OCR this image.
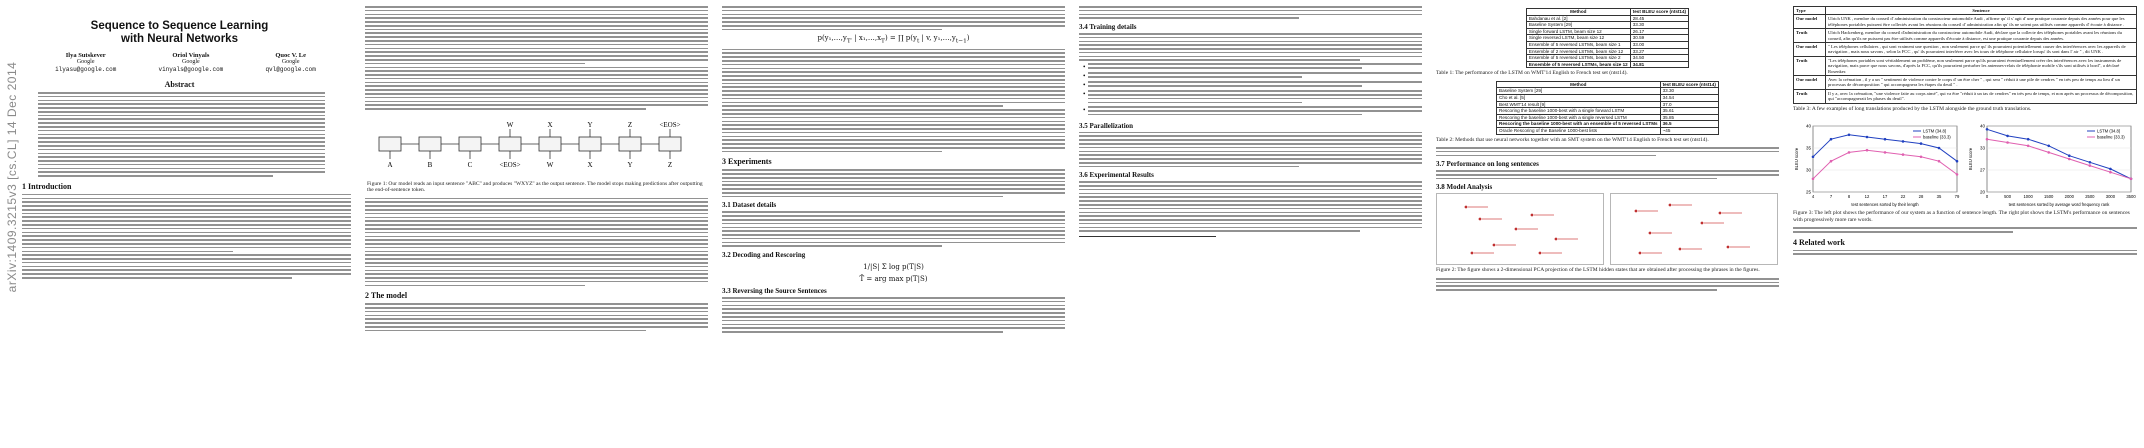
arXiv:1409.3215v3 [cs.CL] 14 Dec 2014
Sequence to Sequence Learning
with Neural Networks
Ilya Sutskever
Google
ilyasu@google.com
Oriol Vinyals
Google
vinyals@google.com
Quoc V. Le
Google
qvl@google.com
Abstract
1 Introduction
A	B	C	<EOS>	W	X	Y	Z
W	X	Y	Z	<EOS>
Figure 1: Our model reads an input sentence "ABC" and produces "WXYZ" as the output sentence. The model stops making predictions after outputting the end-of-sentence token.
2 The model
$p(y_1,\dots,y_{T'}$ | $x_1,\dots,x_T$) = ∏ $p(y_t$ | v, $y_1,\dots,y_{t-1}$)
3 Experiments
3.1 Dataset details
3.2 Decoding and Rescoring
1/|S| Σ log p(T|S)
T̂ = arg max p(T|S)
3.3 Reversing the Source Sentences
3.4 Training details
•
•
•
•
•
3.5 Parallelization
3.6 Experimental Results
Method	test BLEU score (ntst14)
Bahdanau et al. [2]	28.45
Baseline System [29]	33.30
Single forward LSTM, beam size 12	26.17
Single reversed LSTM, beam size 12	30.59
Ensemble of 5 reversed LSTMs, beam size 1	33.00
Ensemble of 2 reversed LSTMs, beam size 12	33.27
Ensemble of 5 reversed LSTMs, beam size 2	34.50
Ensemble of 5 reversed LSTMs, beam size 12	34.81
Table 1: The performance of the LSTM on WMT'14 English to French test set (ntst14).
Method	test BLEU score (ntst14)
Baseline System [29]	33.30
Cho et al. [5]	34.54
Best WMT'14 result [9]	37.0
Rescoring the baseline 1000-best with a single forward LSTM	35.61
Rescoring the baseline 1000-best with a single reversed LSTM	35.85
Rescoring the baseline 1000-best with an ensemble of 5 reversed LSTMs	36.5
Oracle Rescoring of the Baseline 1000-best lists	~45
Table 2: Methods that use neural networks together with an SMT system on the WMT'14 English to French test set (ntst14).
3.7 Performance on long sentences
3.8 Model Analysis
Figure 2: The figure shows a 2-dimensional PCA projection of the LSTM hidden states that are obtained after processing the phrases in the figures.
Type	Sentence
Our model	Ulrich UNK , membre du conseil d' administration du constructeur automobile Audi , affirme qu' il s' agit d' une pratique courante depuis des années pour que les téléphones portables puissent être collectés avant les réunions du conseil d' administration afin qu' ils ne soient pas utilisés comme appareils d' écoute à distance .
Truth	Ulrich Hackenberg, membre du conseil d'administration du constructeur automobile Audi, déclare que la collecte des téléphones portables avant les réunions du conseil, afin qu'ils ne puissent pas être utilisés comme appareils d'écoute à distance, est une pratique courante depuis des années.
Our model	" Les téléphones cellulaires , qui sont vraiment une question , non seulement parce qu' ils pourraient potentiellement causer des interférences avec les appareils de navigation , mais nous savons , selon la FCC , qu' ils pourraient interférer avec les tours de téléphone cellulaire lorsqu' ils sont dans l' air " , dit UNK .
Truth	"Les téléphones portables sont véritablement un problème, non seulement parce qu'ils pourraient éventuellement créer des interférences avec les instruments de navigation, mais parce que nous savons, d'après la FCC, qu'ils pourraient perturber les antennes-relais de téléphonie mobile s'ils sont utilisés à bord", a déclaré Rosenker.
Our model	Avec la crémation , il y a un " sentiment de violence contre le corps d' un être cher " , qui sera " réduit à une pile de cendres " en très peu de temps au lieu d' un processus de décomposition " qui accompagnera les étapes du deuil " .
Truth	Il y a, avec la crémation, "une violence faite au corps aimé", qui va être "réduit à un tas de cendres" en très peu de temps, et non après un processus de décomposition, qui "accompagnerait les phases du deuil".
Table 3: A few examples of long translations produced by the LSTM alongside the ground truth translations.
25
30
35
40
4	7	8	12	17	22	28	35	79
test sentences sorted by their length
BLEU score
LSTM (34.8)
baseline (33.3)
20
27
33
40
0	500	1000	1500	2000	2500	3000	3500
test sentences sorted by average word frequency rank
BLEU score
LSTM (34.8)
baseline (33.3)
Figure 3: The left plot shows the performance of our system as a function of sentence length. The right plot shows the LSTM's performance on sentences with progressively more rare words.
4 Related work
